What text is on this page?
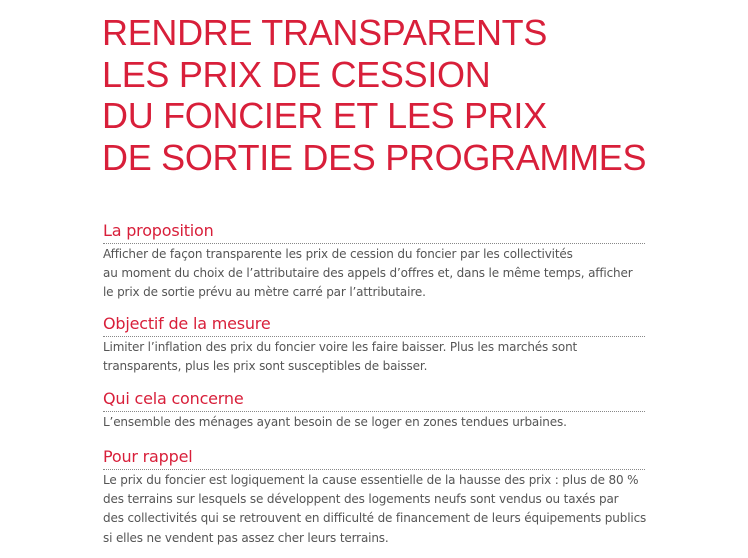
RENDRE TRANSPARENTS
LES PRIX DE CESSION
DU FONCIER ET LES PRIX
DE SORTIE DES PROGRAMMES
La proposition
Afficher de façon transparente les prix de cession du foncier par les collectivités
au moment du choix de l’attributaire des appels d’offres et, dans le même temps, afficher
le prix de sortie prévu au mètre carré par l’attributaire.
Objectif de la mesure
Limiter l’inflation des prix du foncier voire les faire baisser. Plus les marchés sont
transparents, plus les prix sont susceptibles de baisser.
Qui cela concerne
L’ensemble des ménages ayant besoin de se loger en zones tendues urbaines.
Pour rappel
Le prix du foncier est logiquement la cause essentielle de la hausse des prix : plus de 80 %
des terrains sur lesquels se développent des logements neufs sont vendus ou taxés par
des collectivités qui se retrouvent en difficulté de financement de leurs équipements publics
si elles ne vendent pas assez cher leurs terrains.
